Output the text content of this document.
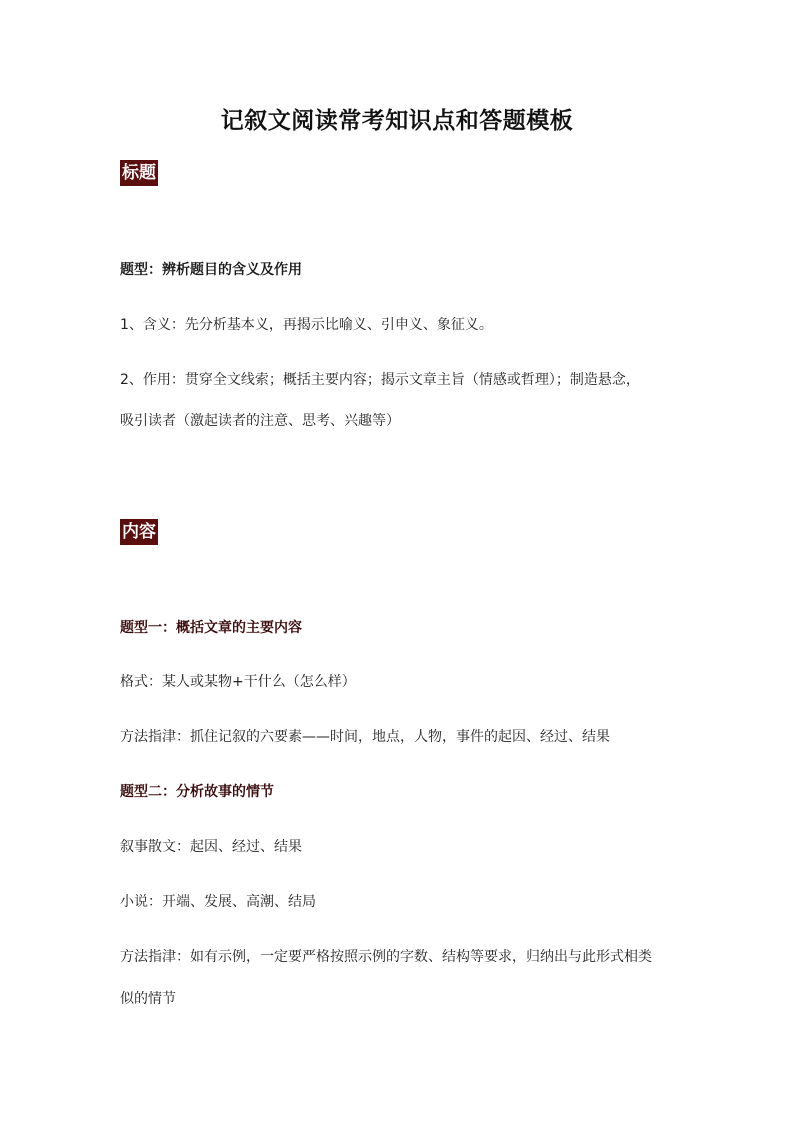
记叙文阅读常考知识点和答题模板
标题
题型：辨析题目的含义及作用
1、含义：先分析基本义，再揭示比喻义、引申义、象征义。
2、作用：贯穿全文线索；概括主要内容；揭示文章主旨（情感或哲理）；制造悬念，
吸引读者（激起读者的注意、思考、兴趣等）
内容
题型一：概括文章的主要内容
格式：某人或某物+干什么（怎么样）
方法指津：抓住记叙的六要素——时间，地点，人物，事件的起因、经过、结果
题型二：分析故事的情节
叙事散文：起因、经过、结果
小说：开端、发展、高潮、结局
方法指津：如有示例，一定要严格按照示例的字数、结构等要求，归纳出与此形式相类
似的情节
